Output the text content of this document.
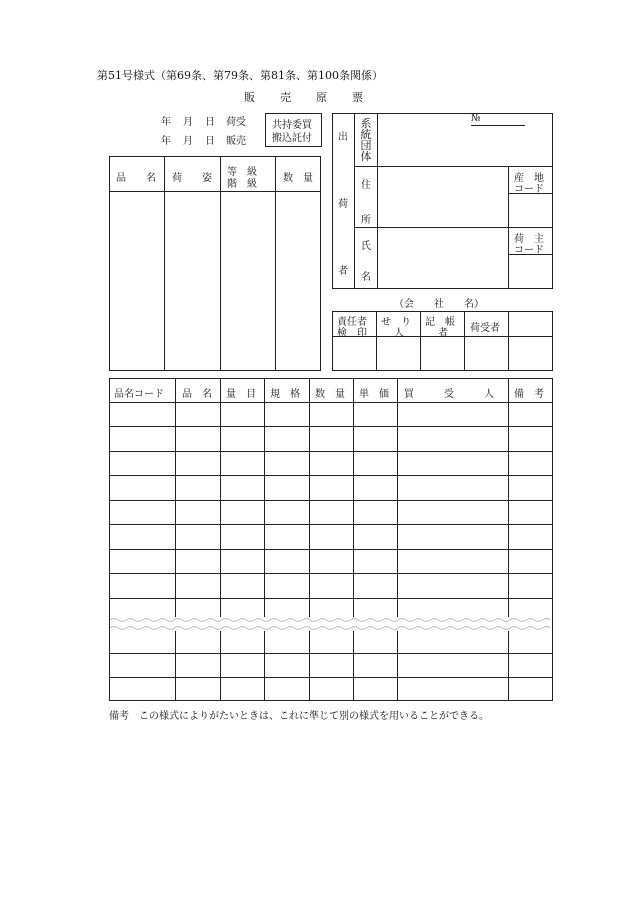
第51号様式（第69条、第79条、第81条、第100条関係）
販　　売　　原　　票
年 月 日 荷受
年 月 日 販売
共持委買
搬込託付
№
品　　名 荷　　姿
等　級
階　級
数　量
出
荷
者
系
統
団
体
住
所
氏
名
産　地
コード
荷　主
コード
（会　　社　　名）
責任者
検　印
せ　り
人
記　帳
者 荷受者
品名コード 品　名 量　目 規　格 数　量 単　価 買　　　受　　　人 備　考
備考　この様式によりがたいときは、これに準じて別の様式を用いることができる。
